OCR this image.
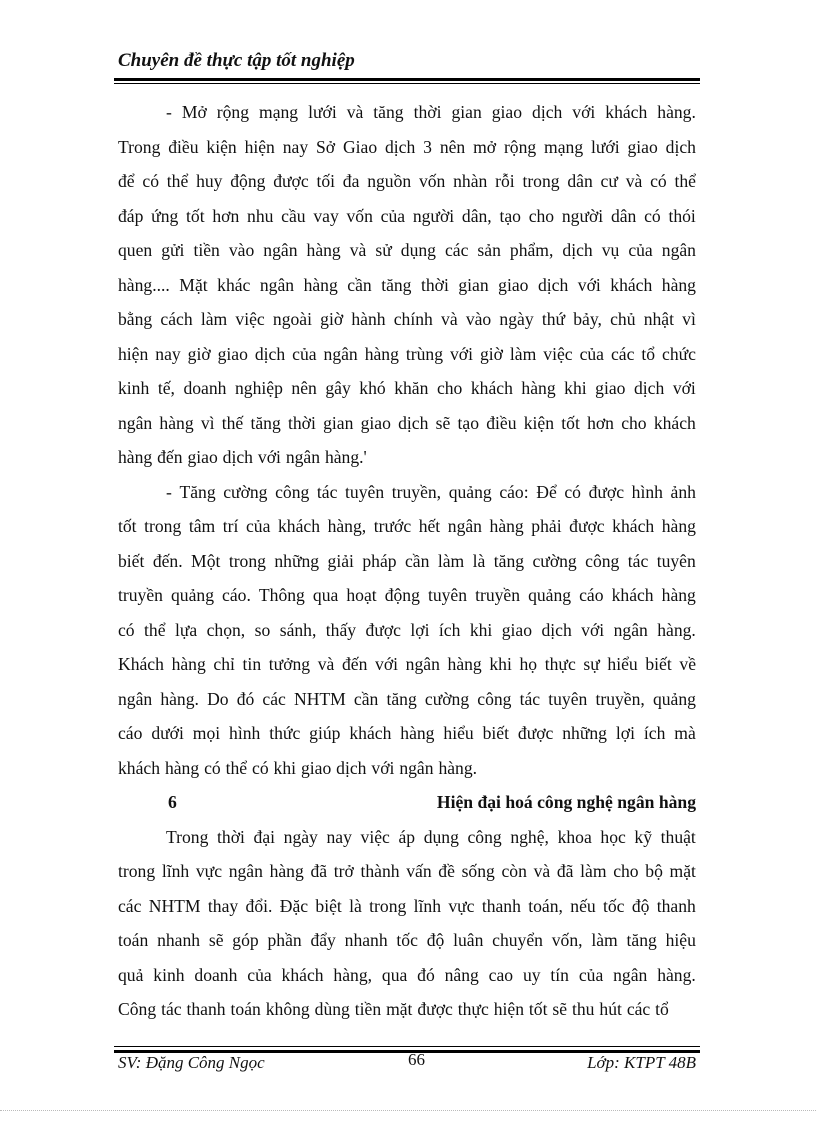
Chuyên đề thực tập tốt nghiệp
- Mở rộng mạng lưới và tăng thời gian giao dịch với khách hàng.
Trong điều kiện hiện nay Sở Giao dịch 3 nên mở rộng mạng lưới giao dịch
để có thể huy động được tối đa nguồn vốn nhàn rỗi trong dân cư và có thể
đáp ứng tốt hơn nhu cầu vay vốn của người dân, tạo cho người dân có thói
quen gửi tiền vào ngân hàng và sử dụng các sản phẩm, dịch vụ của ngân
hàng.... Mặt khác ngân hàng cần tăng thời gian giao dịch với khách hàng
bằng cách làm việc ngoài giờ hành chính và vào ngày thứ bảy, chủ nhật vì
hiện nay giờ giao dịch của ngân hàng trùng với giờ làm việc của các tổ chức
kinh tế, doanh nghiệp nên gây khó khăn cho khách hàng khi giao dịch với
ngân hàng vì thế tăng thời gian giao dịch sẽ tạo điều kiện tốt hơn cho khách
hàng đến giao dịch với ngân hàng.'
- Tăng cường công tác tuyên truyền, quảng cáo: Để có được hình ảnh
tốt trong tâm trí của khách hàng, trước hết ngân hàng phải được khách hàng
biết đến. Một trong những giải pháp cần làm là tăng cường công tác tuyên
truyền quảng cáo. Thông qua hoạt động tuyên truyền quảng cáo khách hàng
có thể lựa chọn, so sánh, thấy được lợi ích khi giao dịch với ngân hàng.
Khách hàng chỉ tin tưởng và đến với ngân hàng khi họ thực sự hiểu biết về
ngân hàng. Do đó các NHTM cần tăng cường công tác tuyên truyền, quảng
cáo dưới mọi hình thức giúp khách hàng hiểu biết được những lợi ích mà
khách hàng có thể có khi giao dịch với ngân hàng.
6	Hiện đại hoá công nghệ ngân hàng
Trong thời đại ngày nay việc áp dụng công nghệ, khoa học kỹ thuật
trong lĩnh vực ngân hàng đã trở thành vấn đề sống còn và đã làm cho bộ mặt
các NHTM thay đổi. Đặc biệt là trong lĩnh vực thanh toán, nếu tốc độ thanh
toán nhanh sẽ góp phần đẩy nhanh tốc độ luân chuyển vốn, làm tăng hiệu
quả kinh doanh của khách hàng, qua đó nâng cao uy tín của ngân hàng.
Công tác thanh toán không dùng tiền mặt được thực hiện tốt sẽ thu hút các tổ
SV: Đặng Công Ngọc	66	Lớp: KTPT 48B
